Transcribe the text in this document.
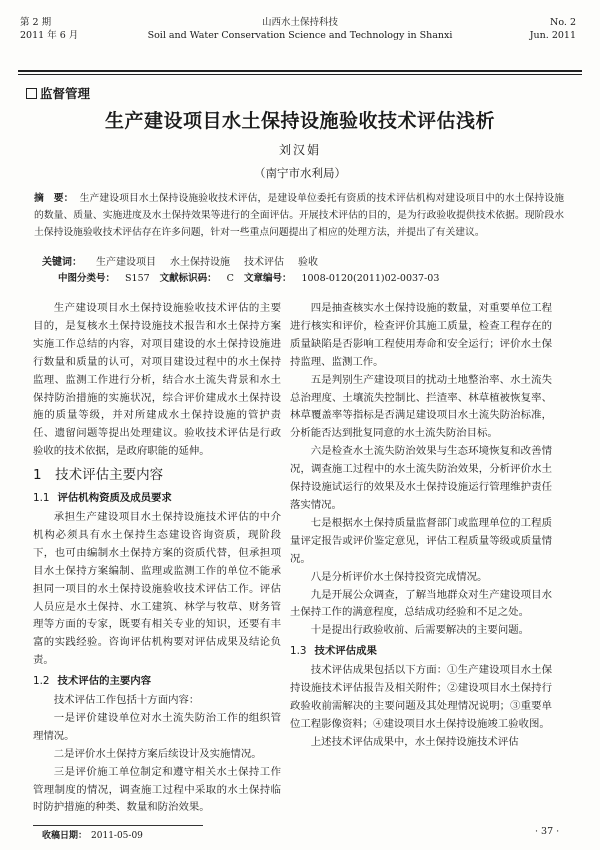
第 2 期
2011 年 6 月
山西水土保持科技
Soil and Water Conservation Science and Technology in Shanxi
No. 2
Jun. 2011
监督管理
生产建设项目水土保持设施验收技术评估浅析
刘汉娟
（南宁市水利局）
摘　要： 生产建设项目水土保持设施验收技术评估，是建设单位委托有资质的技术评估机构对建设项目中的水土保持设施的数量、质量、实施进度及水土保持效果等进行的全面评估。开展技术评估的目的，是为行政验收提供技术依据。现阶段水土保持设施验收技术评估存在许多问题，针对一些重点问题提出了相应的处理方法，并提出了有关建议。
关键词： 生产建设项目 水土保持设施 技术评估 验收
中图分类号： S157 文献标识码： C 文章编号： 1008-0120(2011)02-0037-03

生产建设项目水土保持设施验收技术评估的主要目的，是复核水土保持设施技术报告和水土保持方案实施工作总结的内容，对项目建设的水土保持设施进行数量和质量的认可，对项目建设过程中的水土保持监理、监测工作进行分析，结合水土流失背景和水土保持防治措施的实施状况，综合评价建成水土保持设施的质量等级，并对所建成水土保持设施的管护责任、遗留问题等提出处理建议。验收技术评估是行政验收的技术依据，是政府职能的延伸。

1　 技术评估主要内容
1.1 评估机构资质及成员要求

承担生产建设项目水土保持设施技术评估的中介机构必须具有水土保持生态建设咨询资质，现阶段下，也可由编制水土保持方案的资质代替，但承担项目水土保持方案编制、监理或监测工作的单位不能承担同一项目的水土保持设施验收技术评估工作。评估人员应是水土保持、水工建筑、林学与牧草、财务管理等方面的专家，既要有相关专业的知识，还要有丰富的实践经验。咨询评估机构要对评估成果及结论负责。

1.2 技术评估的主要内容

技术评估工作包括十方面内容：

一是评价建设单位对水土流失防治工作的组织管理情况。

二是评价水土保持方案后续设计及实施情况。

三是评价施工单位制定和遵守相关水土保持工作管理制度的情况，调查施工过程中采取的水土保持临时防护措施的种类、数量和防治效果。

四是抽查核实水土保持设施的数量，对重要单位工程进行核实和评价，检查评价其施工质量，检查工程存在的质量缺陷是否影响工程使用寿命和安全运行；评价水土保持监理、监测工作。

五是判别生产建设项目的扰动土地整治率、水土流失总治理度、土壤流失控制比、拦渣率、林草植被恢复率、林草覆盖率等指标是否满足建设项目水土流失防治标准，分析能否达到批复同意的水土流失防治目标。

六是检查水土流失防治效果与生态环境恢复和改善情况，调查施工过程中的水土流失防治效果，分析评价水土保持设施试运行的效果及水土保持设施运行管理维护责任落实情况。

七是根据水土保持质量监督部门或监理单位的工程质量评定报告或评价鉴定意见，评估工程质量等级或质量情况。

八是分析评价水土保持投资完成情况。

九是开展公众调查，了解当地群众对生产建设项目水土保持工作的满意程度，总结成功经验和不足之处。

十是提出行政验收前、后需要解决的主要问题。

1.3 技术评估成果

技术评估成果包括以下方面：①生产建设项目水土保持设施技术评估报告及相关附件；②建设项目水土保持行政验收前需解决的主要问题及其处理情况说明；③重要单位工程影像资料；④建设项目水土保持设施竣工验收图。

上述技术评估成果中，水土保持设施技术评估

收稿日期： 2011-05-09	· 37 ·
